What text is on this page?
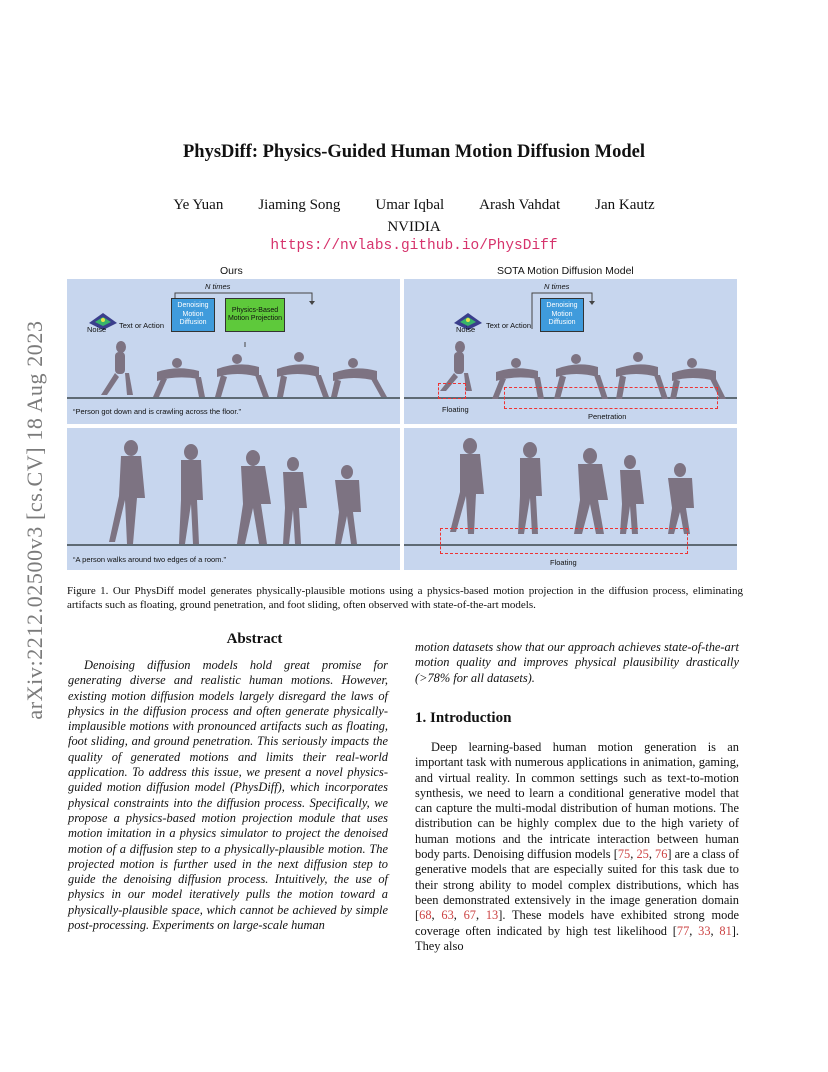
arXiv:2212.02500v3 [cs.CV] 18 Aug 2023
PhysDiff: Physics-Guided Human Motion Diffusion Model
Ye Yuan Jiaming Song Umar Iqbal Arash Vahdat Jan Kautz
NVIDIA
https://nvlabs.github.io/PhysDiff
Ours	SOTA Motion Diffusion Model
Noise Text or Action
N times
Denoising Motion Diffusion
Physics-Based Motion Projection
“Person got down and is crawling across the floor.”
Noise Text or Action
N times
Denoising Motion Diffusion
Floating
Penetration
“A person walks around two edges of a room.”	Floating
Figure 1. Our PhysDiff model generates physically-plausible motions using a physics-based motion projection in the diffusion process, eliminating artifacts such as floating, ground penetration, and foot sliding, often observed with state-of-the-art models.
Abstract
Denoising diffusion models hold great promise for generating diverse and realistic human motions. However, existing motion diffusion models largely disregard the laws of physics in the diffusion process and often generate physically-implausible motions with pronounced artifacts such as floating, foot sliding, and ground penetration. This seriously impacts the quality of generated motions and limits their real-world application. To address this issue, we present a novel physics-guided motion diffusion model (PhysDiff), which incorporates physical constraints into the diffusion process. Specifically, we propose a physics-based motion projection module that uses motion imitation in a physics simulator to project the denoised motion of a diffusion step to a physically-plausible motion. The projected motion is further used in the next diffusion step to guide the denoising diffusion process. Intuitively, the use of physics in our model iteratively pulls the motion toward a physically-plausible space, which cannot be achieved by simple post-processing. Experiments on large-scale human
motion datasets show that our approach achieves state-of-the-art motion quality and improves physical plausibility drastically (>78% for all datasets).
1. Introduction
Deep learning-based human motion generation is an important task with numerous applications in animation, gaming, and virtual reality. In common settings such as text-to-motion synthesis, we need to learn a conditional generative model that can capture the multi-modal distribution of human motions. The distribution can be highly complex due to the high variety of human motions and the intricate interaction between human body parts. Denoising diffusion models [75, 25, 76] are a class of generative models that are especially suited for this task due to their strong ability to model complex distributions, which has been demonstrated extensively in the image generation domain [68, 63, 67, 13]. These models have exhibited strong mode coverage often indicated by high test likelihood [77, 33, 81]. They also
